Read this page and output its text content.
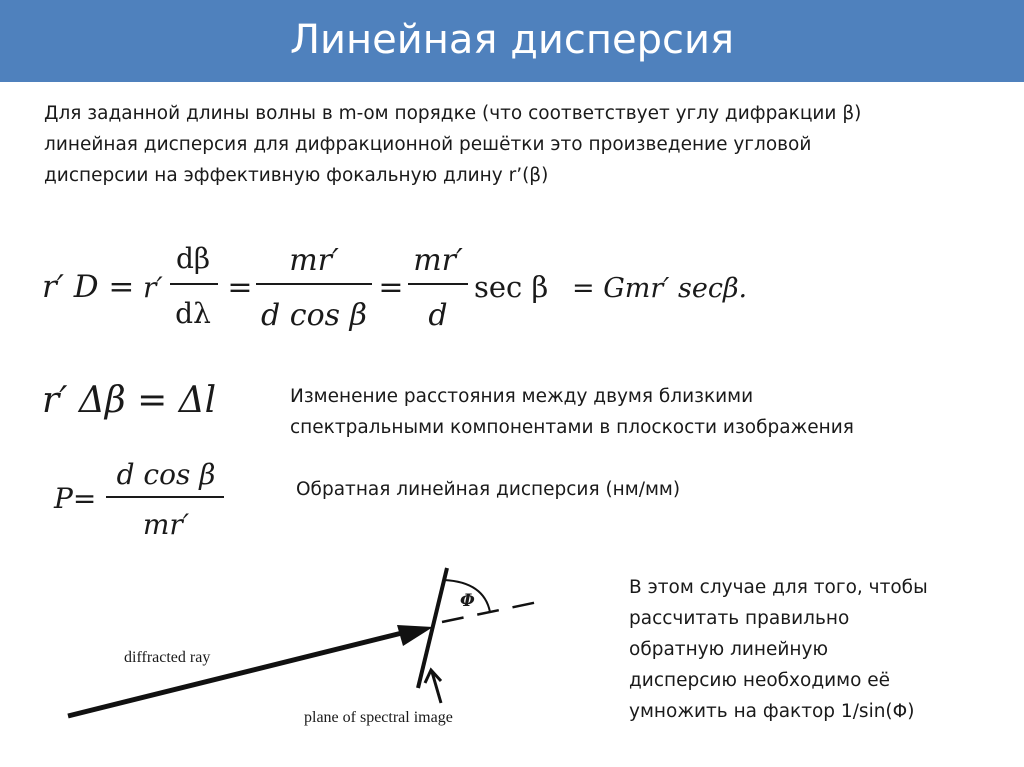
Линейная дисперсия
Для заданной длины волны в m-ом порядке (что соответствует углу дифракции β)
линейная дисперсия для дифракционной решётки это произведение угловой
дисперсии на эффективную фокальную длину r’(β)
r′ D = r′
dβ
dλ
=
mr′
d cos β
=
mr′
d
sec β = Gmr′ secβ.
r′ Δβ = Δl
P=
d cos β
mr′
Φ
diffracted ray
plane of spectral image
Изменение расстояния между двумя близкими
спектральными компонентами в плоскости изображения
Обратная линейная дисперсия (нм/мм)
В этом случае для того, чтобы
рассчитать правильно
обратную линейную
дисперсию необходимо её
умножить на фактор 1/sin(Φ)
